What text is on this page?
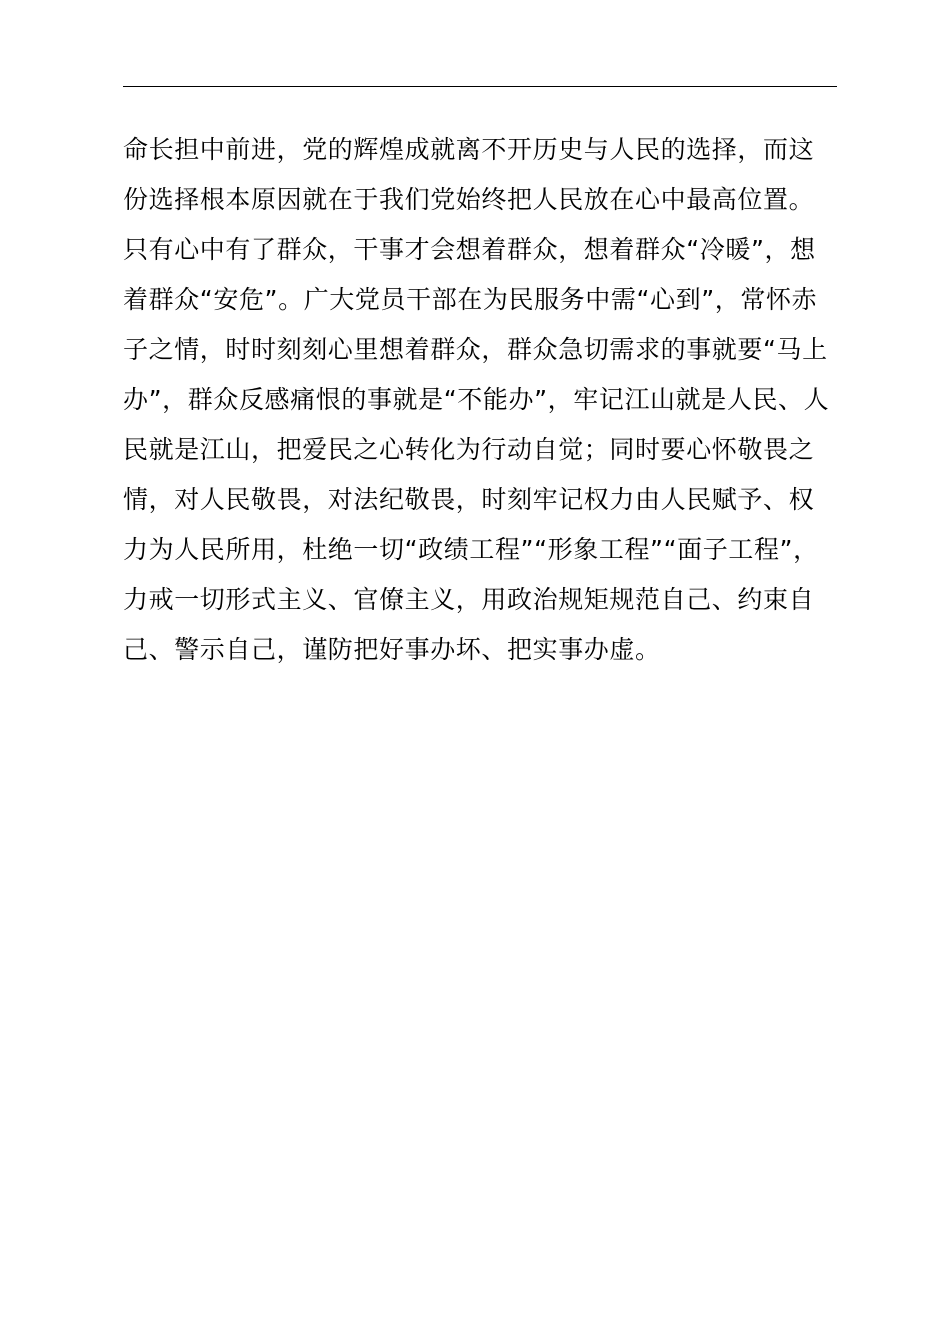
命长担中前进，党的辉煌成就离不开历史与人民的选择，而这
份选择根本原因就在于我们党始终把人民放在心中最高位置。
只有心中有了群众，干事才会想着群众，想着群众“冷暖”，想
着群众“安危”。广大党员干部在为民服务中需“心到”，常怀赤
子之情，时时刻刻心里想着群众，群众急切需求的事就要“马上
办”，群众反感痛恨的事就是“不能办”，牢记江山就是人民、人
民就是江山，把爱民之心转化为行动自觉；同时要心怀敬畏之
情，对人民敬畏，对法纪敬畏，时刻牢记权力由人民赋予、权
力为人民所用，杜绝一切“政绩工程”“形象工程”“面子工程”，
力戒一切形式主义、官僚主义，用政治规矩规范自己、约束自
己、警示自己，谨防把好事办坏、把实事办虚。
